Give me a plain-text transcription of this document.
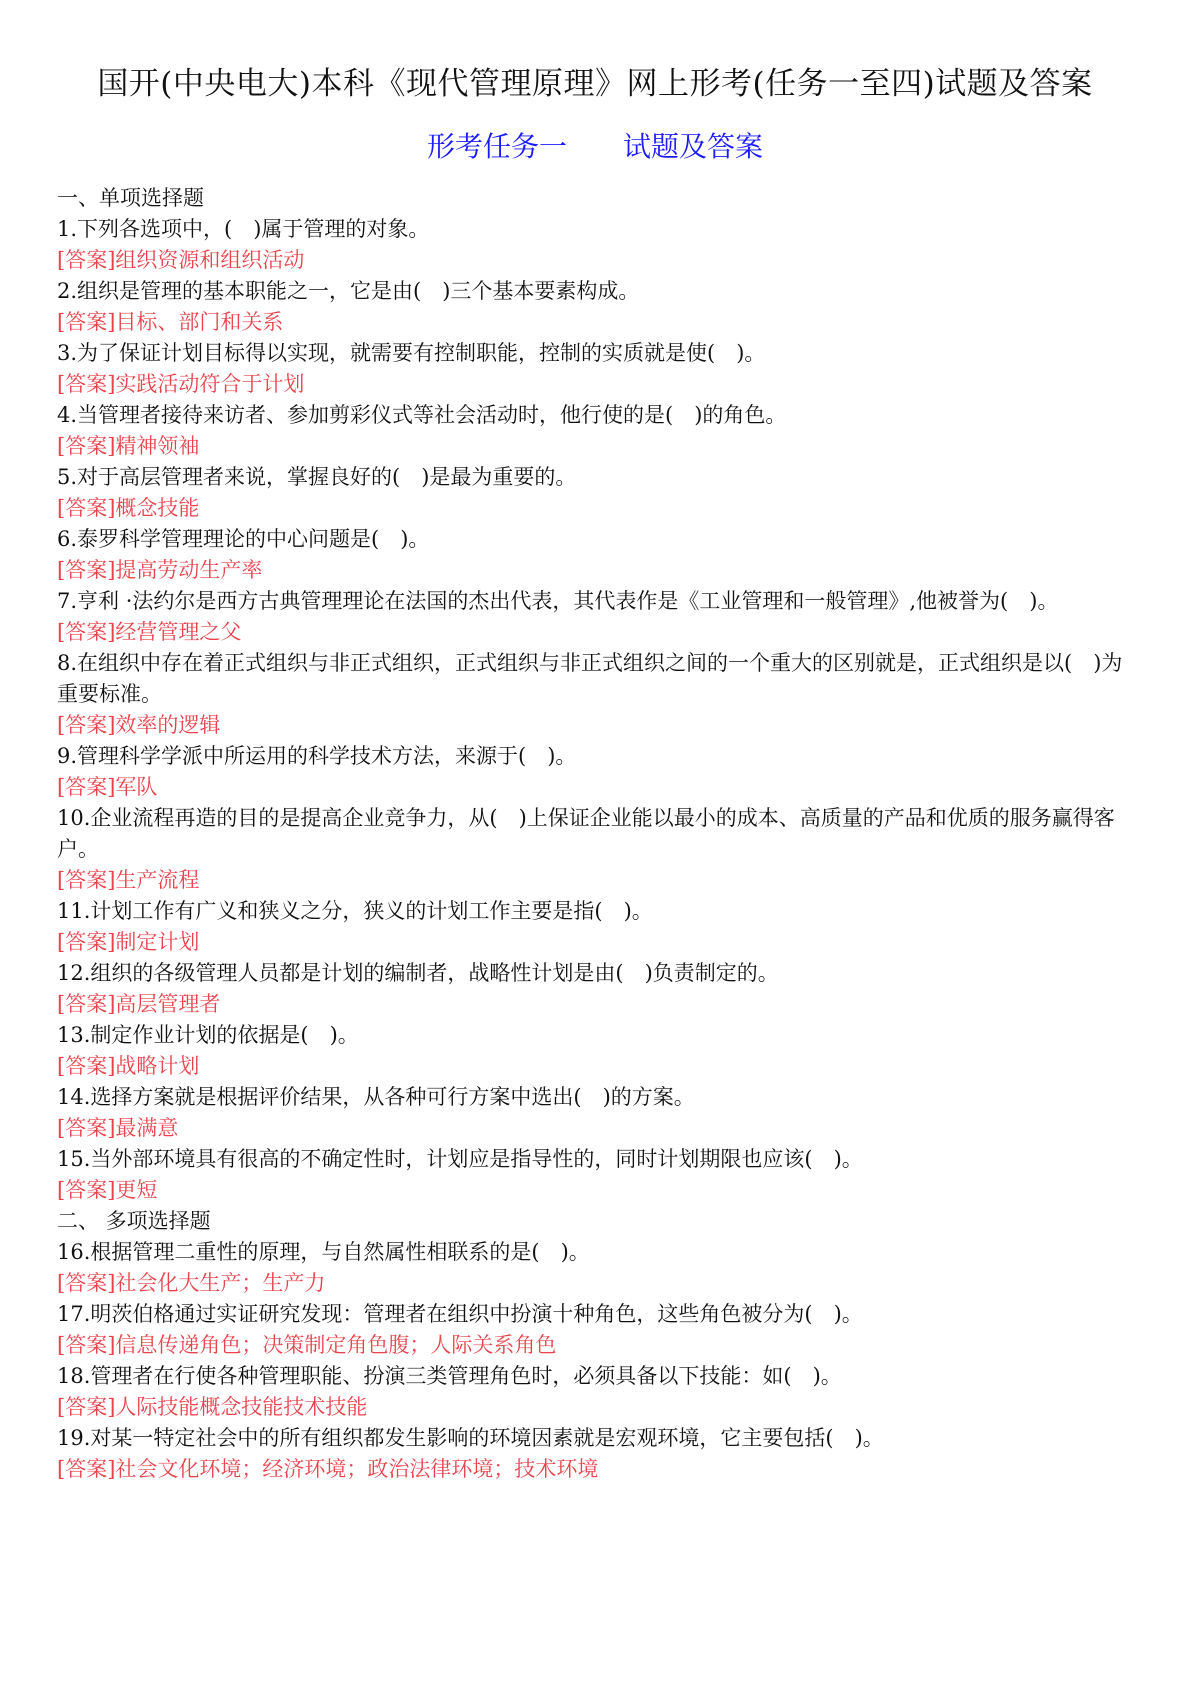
国开(中央电大)本科《现代管理原理》网上形考(任务一至四)试题及答案
形考任务一 试题及答案
一、单项选择题
1.下列各选项中，(　)属于管理的对象。
[答案]组织资源和组织活动
2.组织是管理的基本职能之一，它是由(　)三个基本要素构成。
[答案]目标、部门和关系
3.为了保证计划目标得以实现，就需要有控制职能，控制的实质就是使(　)。
[答案]实践活动符合于计划
4.当管理者接待来访者、参加剪彩仪式等社会活动时，他行使的是(　)的角色。
[答案]精神领袖
5.对于高层管理者来说，掌握良好的(　)是最为重要的。
[答案]概念技能
6.泰罗科学管理理论的中心问题是(　)。
[答案]提高劳动生产率
7.亨利 ·法约尔是西方古典管理理论在法国的杰出代表，其代表作是《工业管理和一般管理》,他被誉为(　)。
[答案]经营管理之父
8.在组织中存在着正式组织与非正式组织，正式组织与非正式组织之间的一个重大的区别就是，正式组织是以(　)为重要标准。
[答案]效率的逻辑
9.管理科学学派中所运用的科学技术方法，来源于(　)。
[答案]军队
10.企业流程再造的目的是提高企业竞争力，从(　)上保证企业能以最小的成本、高质量的产品和优质的服务赢得客户。
[答案]生产流程
11.计划工作有广义和狭义之分，狭义的计划工作主要是指(　)。
[答案]制定计划
12.组织的各级管理人员都是计划的编制者，战略性计划是由(　)负责制定的。
[答案]高层管理者
13.制定作业计划的依据是(　)。
[答案]战略计划
14.选择方案就是根据评价结果，从各种可行方案中选出(　)的方案。
[答案]最满意
15.当外部环境具有很高的不确定性时，计划应是指导性的，同时计划期限也应该(　)。
[答案]更短
二、 多项选择题
16.根据管理二重性的原理，与自然属性相联系的是(　)。
[答案]社会化大生产；生产力
17.明茨伯格通过实证研究发现：管理者在组织中扮演十种角色，这些角色被分为(　)。
[答案]信息传递角色；决策制定角色腹；人际关系角色
18.管理者在行使各种管理职能、扮演三类管理角色时，必须具备以下技能：如(　)。
[答案]人际技能概念技能技术技能
19.对某一特定社会中的所有组织都发生影响的环境因素就是宏观环境，它主要包括(　)。
[答案]社会文化环境；经济环境；政治法律环境；技术环境
